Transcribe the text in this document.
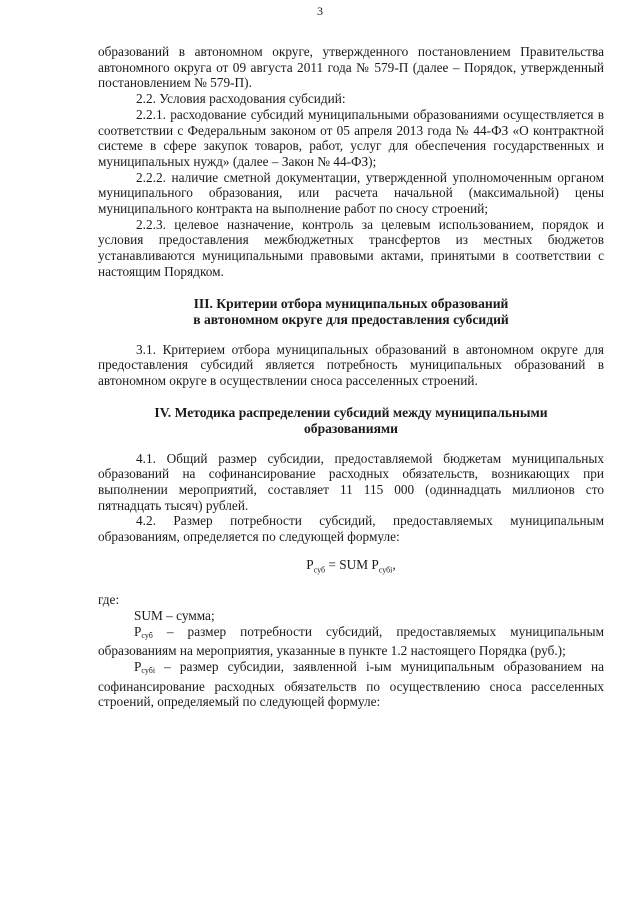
3

образований в автономном округе, утвержденного постановлением Правительства автономного округа от 09 августа 2011 года № 579-П (далее – Порядок, утвержденный постановлением № 579-П).

2.2. Условия расходования субсидий:

2.2.1. расходование субсидий муниципальными образованиями осуществляется в соответствии с Федеральным законом от 05 апреля 2013 года № 44-ФЗ «О контрактной системе в сфере закупок товаров, работ, услуг для обеспечения государственных и муниципальных нужд» (далее – Закон № 44-ФЗ);

2.2.2. наличие сметной документации, утвержденной уполномоченным органом муниципального образования, или расчета начальной (максимальной) цены муниципального контракта на выполнение работ по сносу строений;

2.2.3. целевое назначение, контроль за целевым использованием, порядок и условия предоставления межбюджетных трансфертов из местных бюджетов устанавливаются муниципальными правовыми актами, принятыми в соответствии с настоящим Порядком.

III. Критерии отбора муниципальных образований
в автономном округе для предоставления субсидий

3.1. Критерием отбора муниципальных образований в автономном округе для предоставления субсидий является потребность муниципальных образований в автономном округе в осуществлении сноса расселенных строений.

IV. Методика распределении субсидий между муниципальными
образованиями

4.1. Общий размер субсидии, предоставляемой бюджетам муниципальных образований на софинансирование расходных обязательств, возникающих при выполнении мероприятий, составляет 11 115 000 (одиннадцать миллионов сто пятнадцать тысяч) рублей.

4.2. Размер потребности субсидий, предоставляемых муниципальным образованиям, определяется по следующей формуле:

$P_{суб}$ = SUM $P_{субi}$,

где:

SUM – сумма;

$P_{суб}$ – размер потребности субсидий, предоставляемых муниципальным образованиям на мероприятия, указанные в пункте 1.2 настоящего Порядка (руб.);

$P_{субi}$ – размер субсидии, заявленной i-ым муниципальным образованием на софинансирование расходных обязательств по осуществлению сноса расселенных строений, определяемый по следующей формуле:
